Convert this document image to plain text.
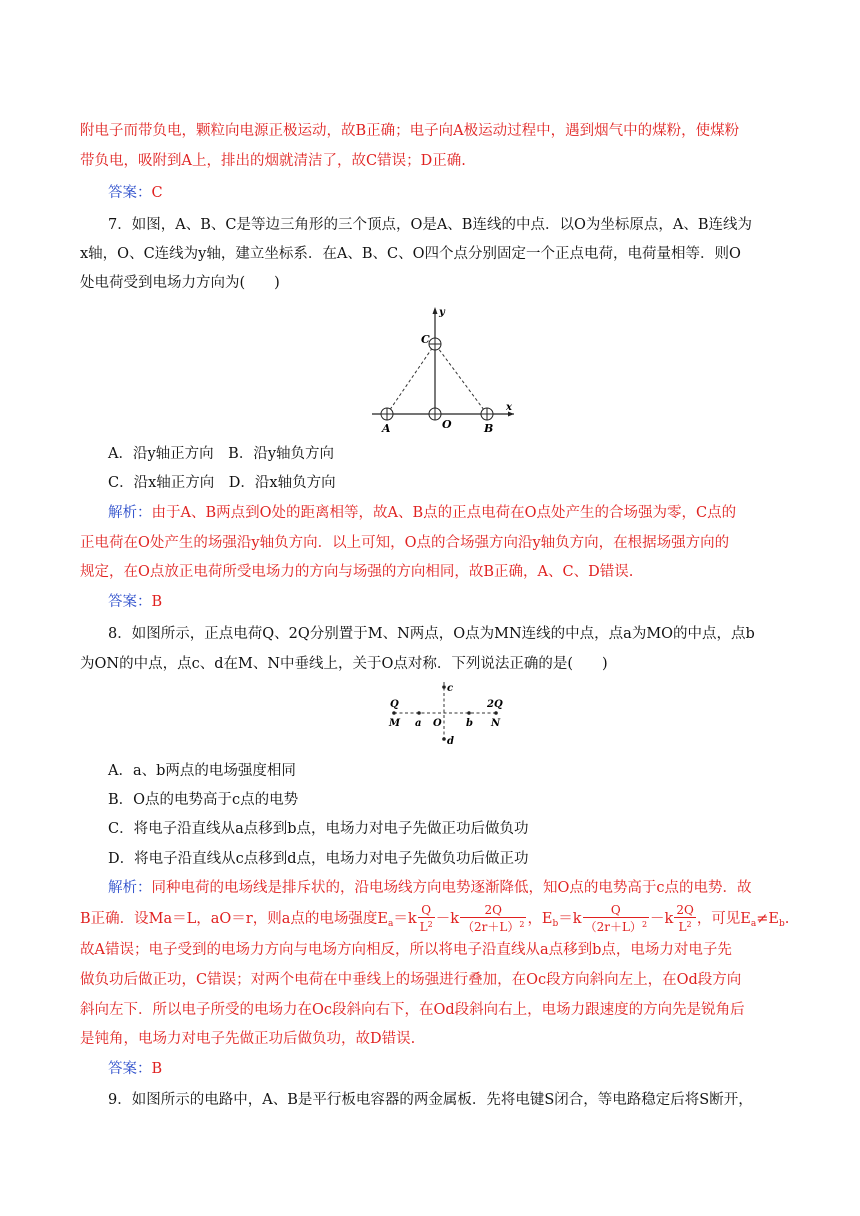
附电子而带负电，颗粒向电源正极运动，故B正确；电子向A极运动过程中，遇到烟气中的煤粉，使煤粉
带负电，吸附到A上，排出的烟就清洁了，故C错误；D正确.
答案：C
7．如图，A、B、C是等边三角形的三个顶点，O是A、B连线的中点．以O为坐标原点，A、B连线为
x轴，O、C连线为y轴，建立坐标系．在A、B、C、O四个点分别固定一个正点电荷，电荷量相等．则O
处电荷受到电场力方向为(　　)
A	O	B
C
x
y
A．沿y轴正方向　 B．沿y轴负方向
C．沿x轴正方向　 D．沿x轴负方向
解析：由于A、B两点到O处的距离相等，故A、B点的正点电荷在O点处产生的合场强为零，C点的
正电荷在O处产生的场强沿y轴负方向．以上可知，O点的合场强方向沿y轴负方向，在根据场强方向的
规定，在O点放正电荷所受电场力的方向与场强的方向相同，故B正确，A、C、D错误.
答案：B
8．如图所示，正点电荷Q、2Q分别置于M、N两点，O点为MN连线的中点，点a为MO的中点，点b
为ON的中点，点c、d在M、N中垂线上，关于O点对称．下列说法正确的是(　　)
Q	2Q
M	N
a O b
c
d
A．a、b两点的电场强度相同
B．O点的电势高于c点的电势
C．将电子沿直线从a点移到b点，电场力对电子先做正功后做负功
D．将电子沿直线从c点移到d点，电场力对电子先做负功后做正功
解析：同种电荷的电场线是排斥状的，沿电场线方向电势逐渐降低，知O点的电势高于c点的电势．故
B正确．设Ma＝L，aO＝r，则a点的电场强度$E_a=k \frac{Q}{L^2} -k \frac{2Q}{(2r+L)^2}$ ，$E_b=k \frac{Q}{(2r+L)^2} -k \frac{2Q}{L^2}$ ，可见$E_a\ne E_b$.
故A错误；电子受到的电场力方向与电场方向相反，所以将电子沿直线从a点移到b点，电场力对电子先
做负功后做正功，C错误；对两个电荷在中垂线上的场强进行叠加，在Oc段方向斜向左上，在Od段方向
斜向左下．所以电子所受的电场力在Oc段斜向右下，在Od段斜向右上，电场力跟速度的方向先是锐角后
是钝角，电场力对电子先做正功后做负功，故D错误.
答案：B
9．如图所示的电路中，A、B是平行板电容器的两金属板．先将电键S闭合，等电路稳定后将S断开，
